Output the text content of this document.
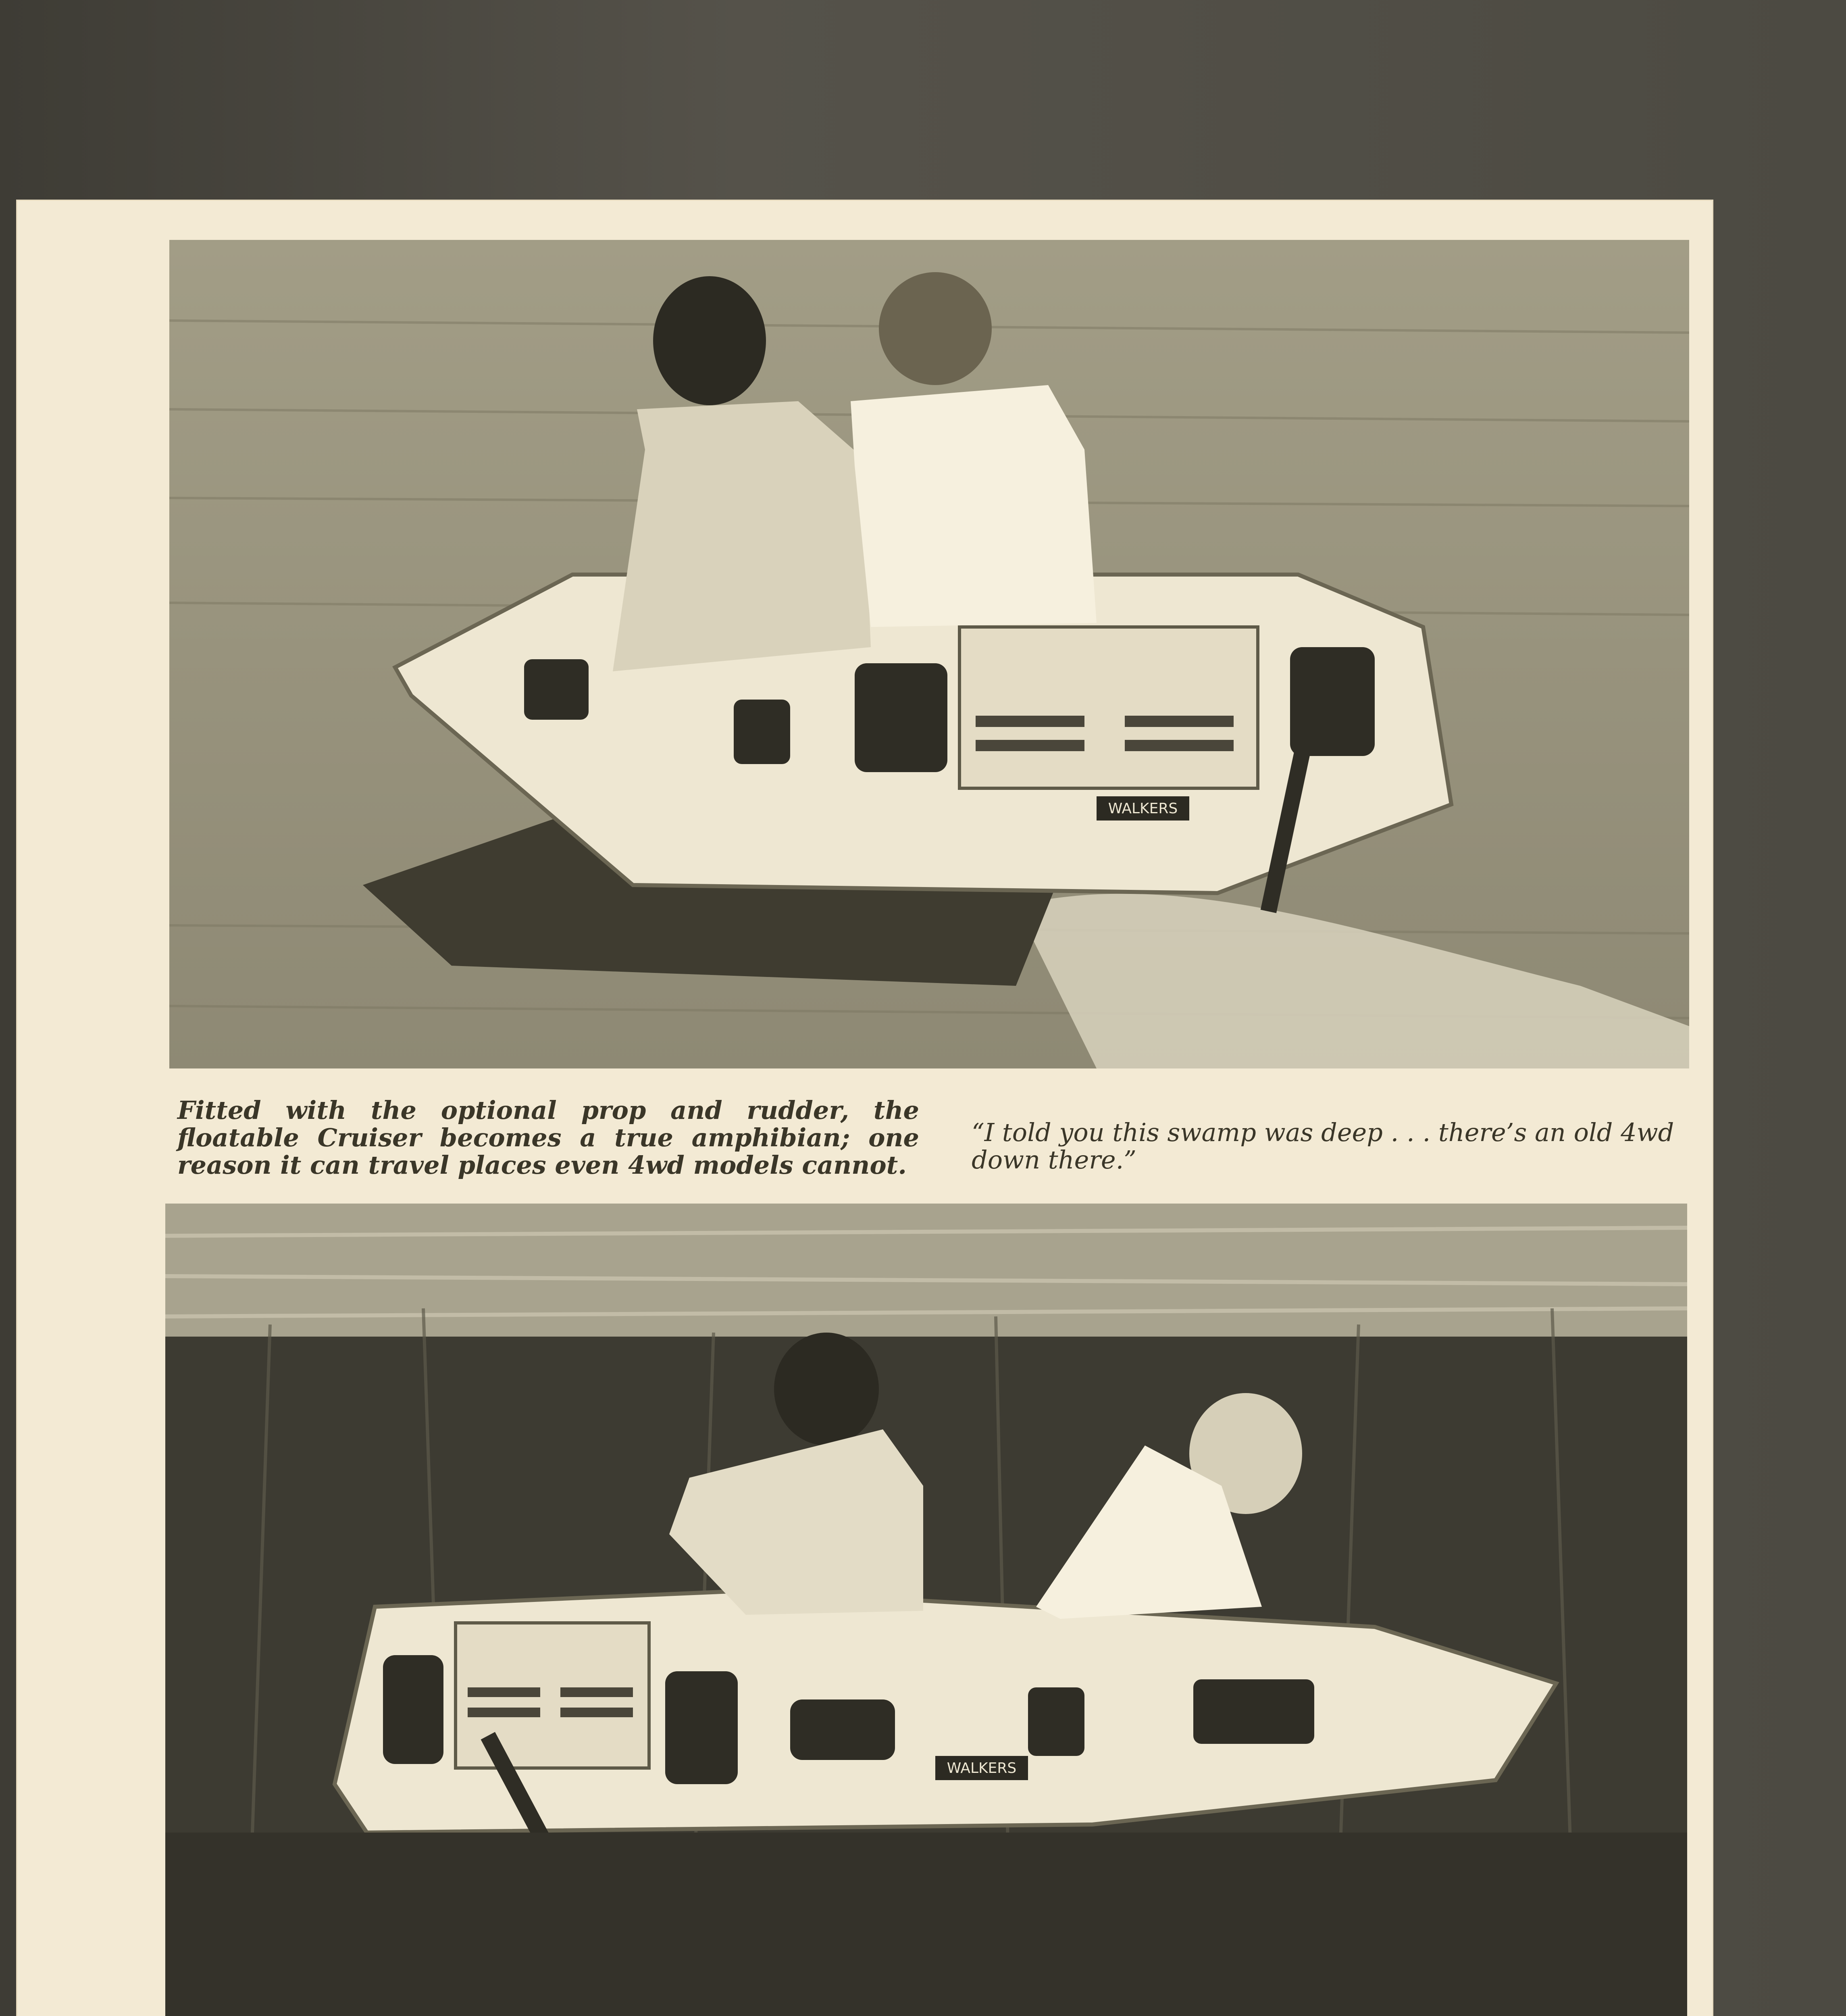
WALKERS

Fitted with the optional prop and rudder, the floatable Cruiser becomes a true amphibian; one reason it can travel places even 4wd models cannot.

“I told you this swamp was deep . . . there’s an old 4wd down there.”

WALKERS
